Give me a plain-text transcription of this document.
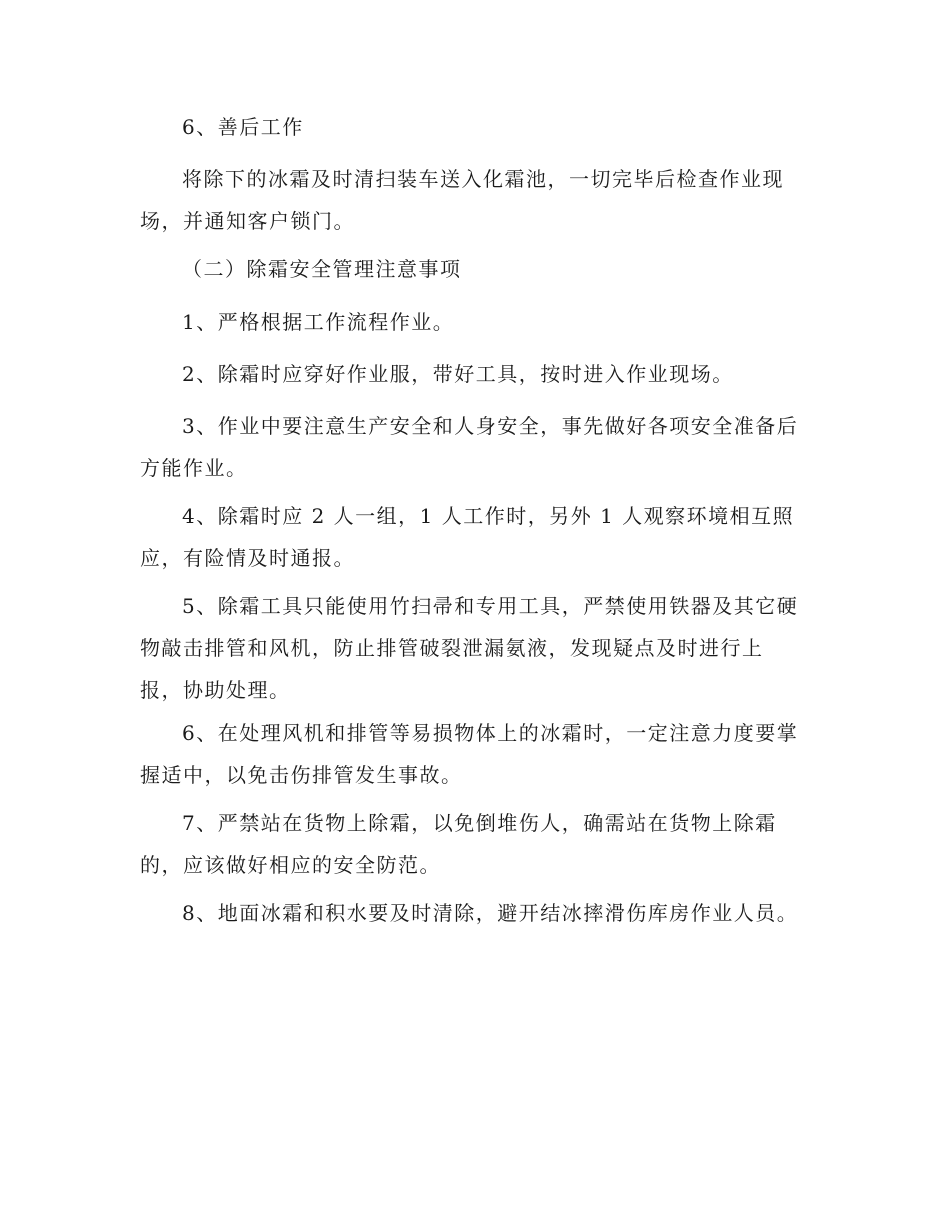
6、善后工作

将除下的冰霜及时清扫装车送入化霜池，一切完毕后检查作业现
场，并通知客户锁门。

（二）除霜安全管理注意事项

1、严格根据工作流程作业。

2、除霜时应穿好作业服，带好工具，按时进入作业现场。

3、作业中要注意生产安全和人身安全，事先做好各项安全准备后
方能作业。

4、除霜时应 2 人一组，1 人工作时，另外 1 人观察环境相互照
应，有险情及时通报。

5、除霜工具只能使用竹扫帚和专用工具，严禁使用铁器及其它硬
物敲击排管和风机，防止排管破裂泄漏氨液，发现疑点及时进行上
报，协助处理。

6、在处理风机和排管等易损物体上的冰霜时，一定注意力度要掌
握适中，以免击伤排管发生事故。

7、严禁站在货物上除霜，以免倒堆伤人，确需站在货物上除霜
的，应该做好相应的安全防范。

8、地面冰霜和积水要及时清除，避开结冰摔滑伤库房作业人员。
